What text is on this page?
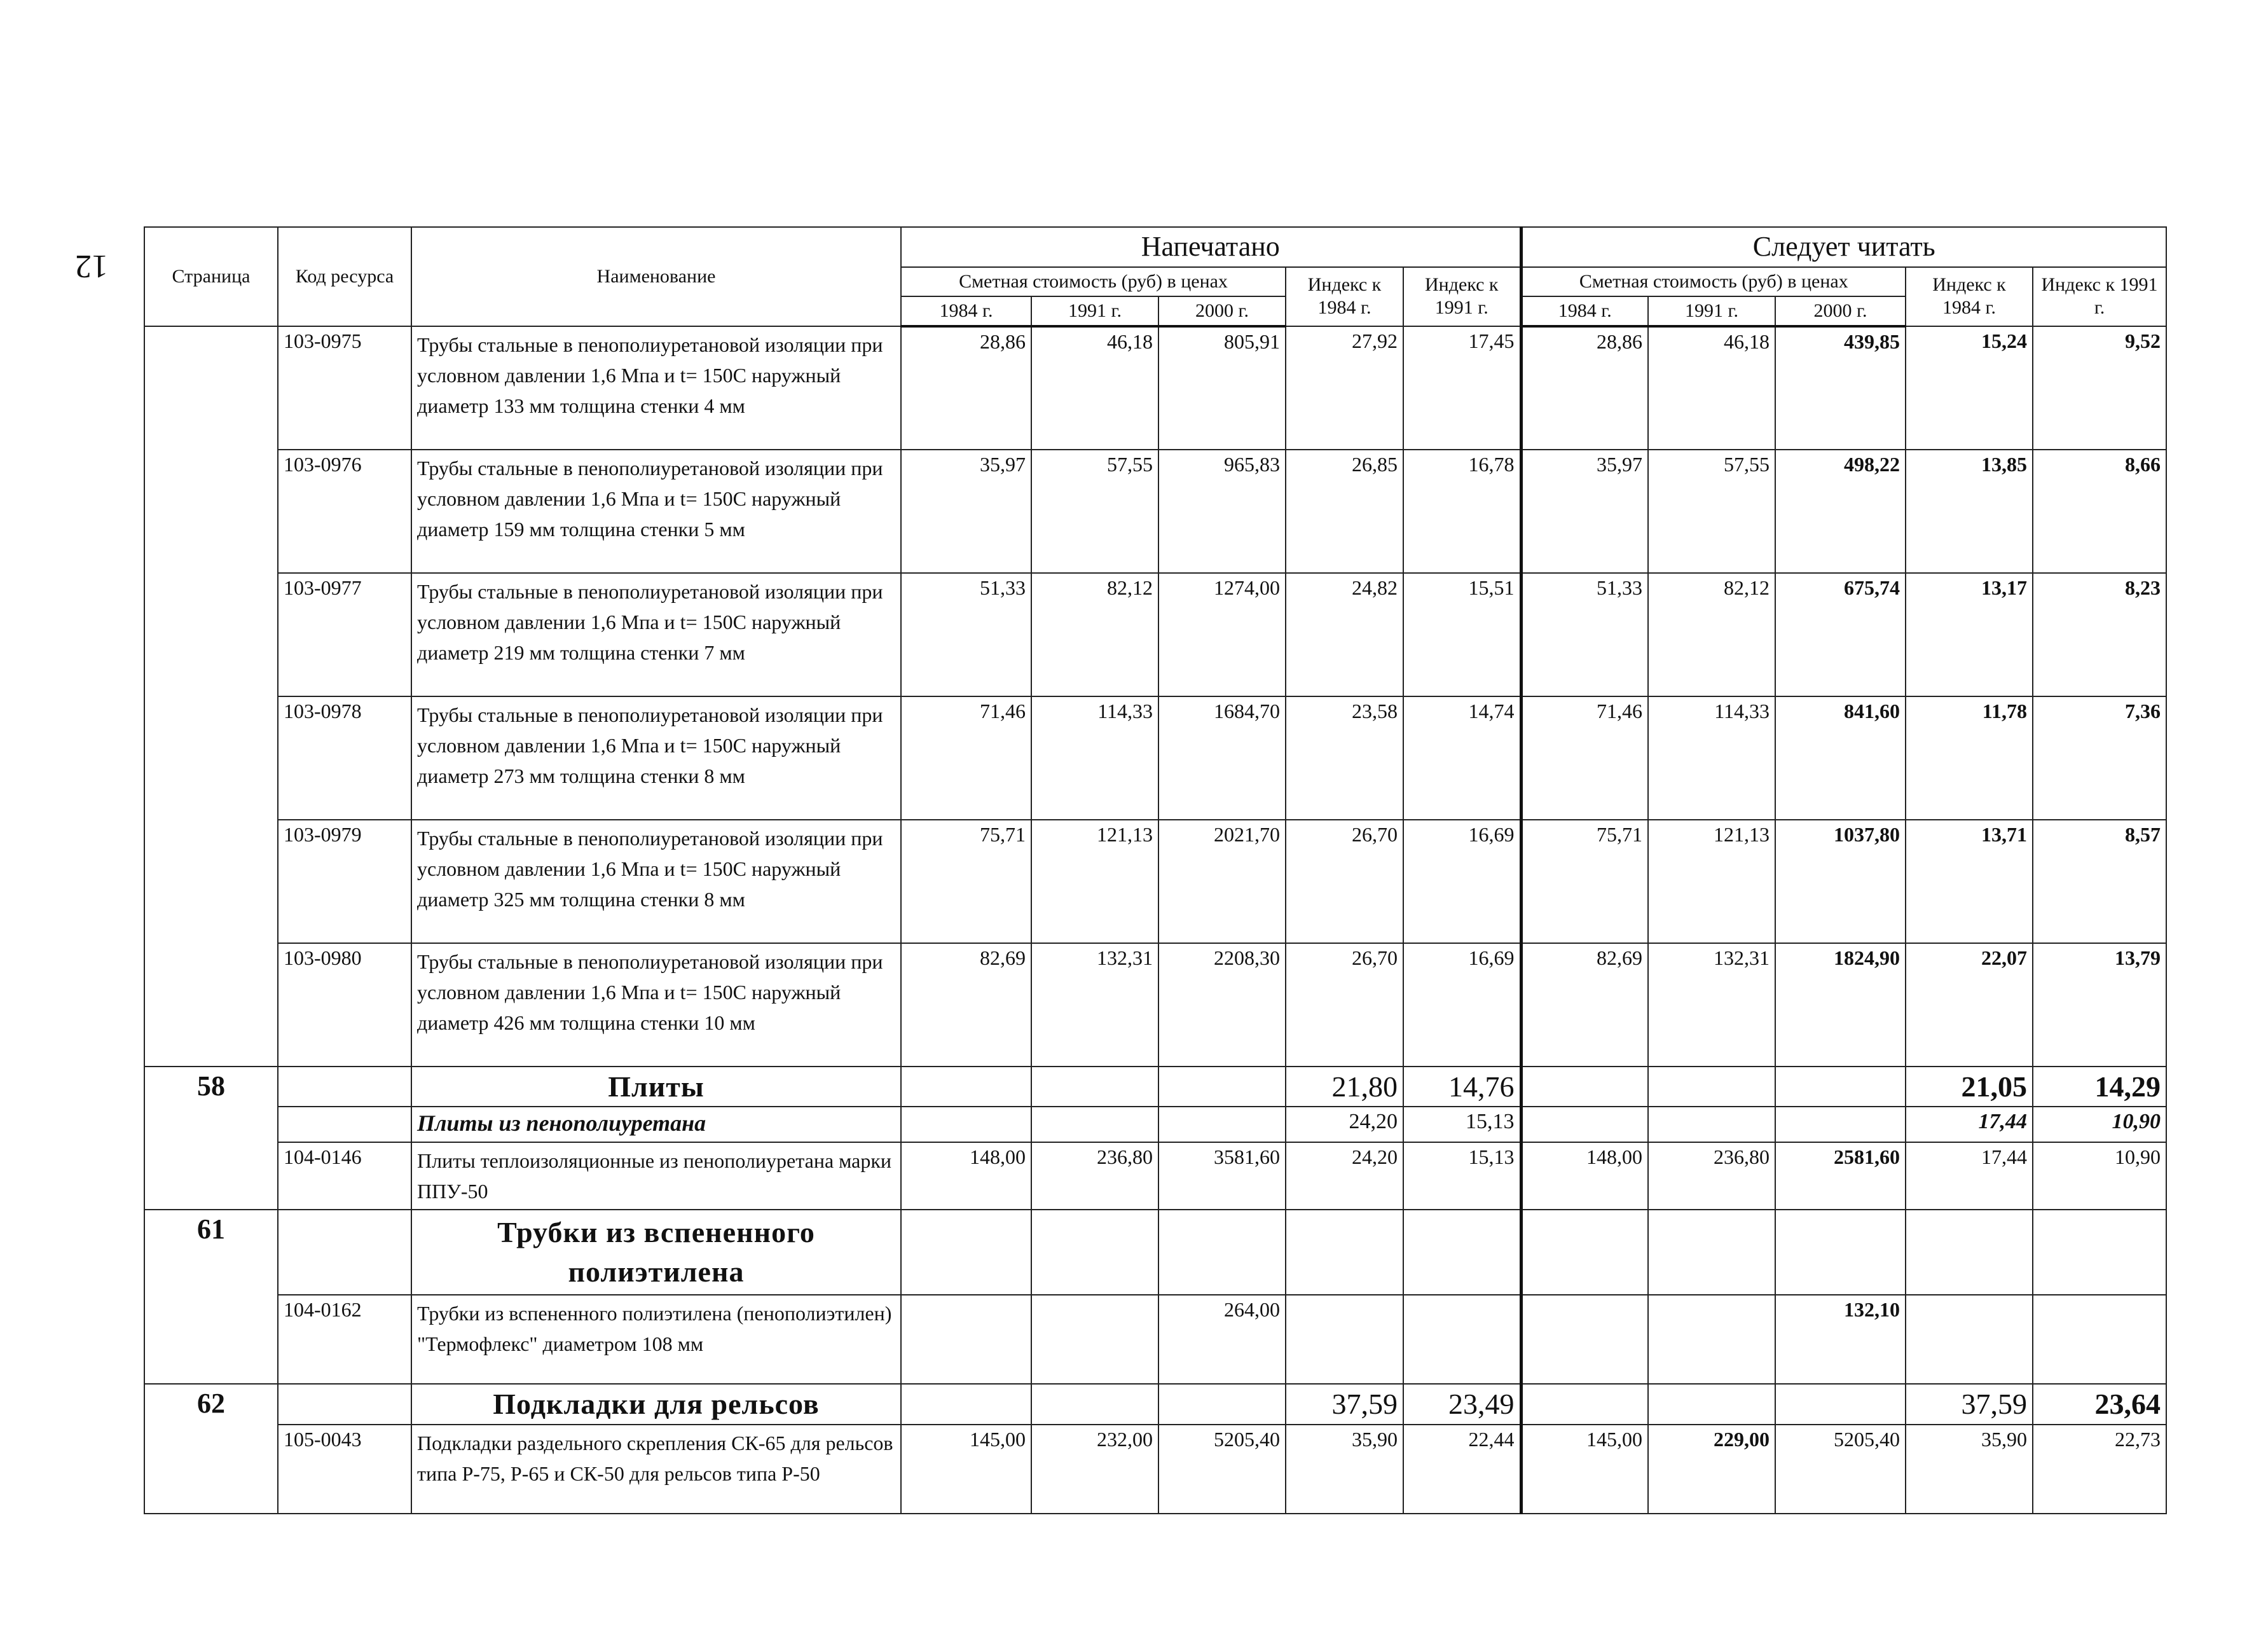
12	Страница	Код ресурса	Наименование	Напечатано					Следует читать				
			Сметная стоимость (руб) в ценах			Индекс к 1984 г.	Индекс к 1991 г.	Сметная стоимость (руб) в ценах			Индекс к 1984 г.	Индекс к 1991 г.
			1984 г.	1991 г.	2000 г.			1984 г.	1991 г.	2000 г.		
	103-0975	Трубы стальные в пенополиуретановой изоляции при условном давлении 1,6 Мпа и t= 150C наружный диаметр 133 мм толщина стенки 4 мм	28,86	46,18	805,91	27,92	17,45	28,86	46,18	439,85	15,24	9,52
	103-0976	Трубы стальные в пенополиуретановой изоляции при условном давлении 1,6 Мпа и t= 150C наружный диаметр 159 мм толщина стенки 5 мм	35,97	57,55	965,83	26,85	16,78	35,97	57,55	498,22	13,85	8,66
	103-0977	Трубы стальные в пенополиуретановой изоляции при условном давлении 1,6 Мпа и t= 150C наружный диаметр 219 мм толщина стенки 7 мм	51,33	82,12	1274,00	24,82	15,51	51,33	82,12	675,74	13,17	8,23
	103-0978	Трубы стальные в пенополиуретановой изоляции при условном давлении 1,6 Мпа и t= 150C наружный диаметр 273 мм толщина стенки 8 мм	71,46	114,33	1684,70	23,58	14,74	71,46	114,33	841,60	11,78	7,36
	103-0979	Трубы стальные в пенополиуретановой изоляции при условном давлении 1,6 Мпа и t= 150C наружный диаметр 325 мм толщина стенки 8 мм	75,71	121,13	2021,70	26,70	16,69	75,71	121,13	1037,80	13,71	8,57
	103-0980	Трубы стальные в пенополиуретановой изоляции при условном давлении 1,6 Мпа и t= 150C наружный диаметр 426 мм толщина стенки 10 мм	82,69	132,31	2208,30	26,70	16,69	82,69	132,31	1824,90	22,07	13,79
58		Плиты				21,80	14,76				21,05	14,29
		Плиты из пенополиуретана				24,20	15,13				17,44	10,90
	104-0146	Плиты теплоизоляционные из пенополиуретана марки ППУ-50	148,00	236,80	3581,60	24,20	15,13	148,00	236,80	2581,60	17,44	10,90
61		Трубки из вспененного полиэтилена										
	104-0162	Трубки из вспененного полиэтилена (пенополиэтилен) "Термофлекс" диаметром 108 мм			264,00					132,10		
62		Подкладки для рельсов				37,59	23,49				37,59	23,64
	105-0043	Подкладки раздельного скрепления СК-65 для рельсов типа Р-75, Р-65 и СК-50 для рельсов типа Р-50	145,00	232,00	5205,40	35,90	22,44	145,00	229,00	5205,40	35,90	22,73
